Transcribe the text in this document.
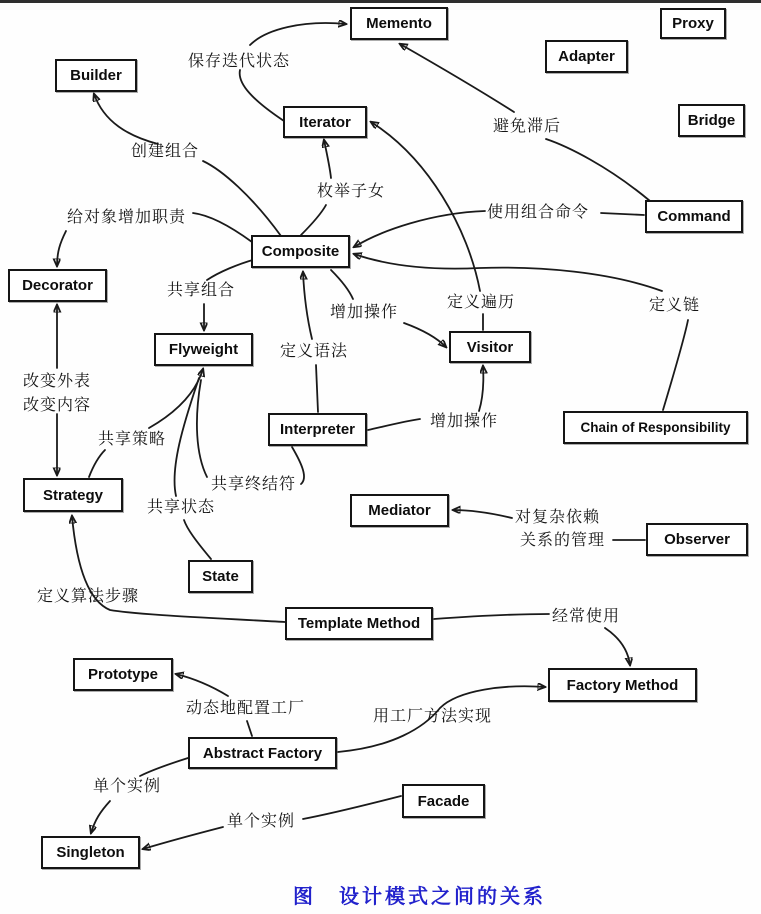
Memento	Proxy
Adapter
Builder
Iterator	Bridge
Command
Composite
Decorator
Flyweight	Visitor
Chain of Responsibility
Interpreter
Strategy
Mediator
Observer
State
Template Method
Prototype
Factory Method
Abstract Factory
Facade
Singleton
保存迭代状态
避免滞后
创建组合
枚举子女
使用组合命令
给对象增加职责
共享组合
定义遍历	定义链
增加操作
定义语法
改变外表
改变内容
增加操作
共享策略
共享终结符
共享状态
对复杂依赖
关系的管理
定义算法步骤
经常使用
动态地配置工厂	用工厂方法实现
单个实例
单个实例
图　设计模式之间的关系
